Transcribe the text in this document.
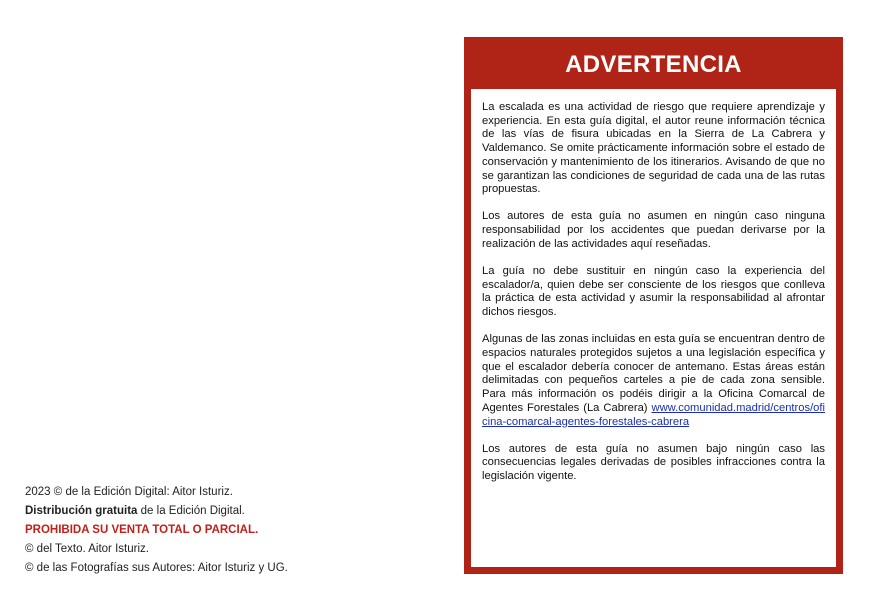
2023 © de la Edición Digital: Aitor Isturiz.
Distribución gratuita de la Edición Digital.
PROHIBIDA SU VENTA TOTAL O PARCIAL.
© del Texto. Aitor Isturiz.
© de las Fotografías sus Autores: Aitor Isturiz y UG.
ADVERTENCIA

La escalada es una actividad de riesgo que requiere aprendizaje y experiencia. En esta guía digital, el autor reune información técnica de las vías de fisura ubicadas en la Sierra de La Cabrera y Valdemanco. Se omite prácticamente información sobre el estado de conservación y mantenimiento de los itinerarios. Avisando de que no se garantizan las condiciones de seguridad de cada una de las rutas propuestas.

Los autores de esta guía no asumen en ningún caso ninguna responsabilidad por los accidentes que puedan derivarse por la realización de las actividades aquí reseñadas.

La guía no debe sustituir en ningún caso la experiencia del escalador/a, quien debe ser consciente de los riesgos que conlleva la práctica de esta actividad y asumir la responsabilidad al afrontar dichos riesgos.

Algunas de las zonas incluidas en esta guía se encuentran dentro de espacios naturales protegidos sujetos a una legislación específica y que el escalador debería conocer de antemano. Estas áreas están delimitadas con pequeños carteles a pie de cada zona sensible. Para más información os podéis dirigir a la Oficina Comarcal de Agentes Forestales (La Cabrera) www.comunidad.madrid/centros/oficina-comarcal-agentes-forestales-cabrera

Los autores de esta guía no asumen bajo ningún caso las consecuencias legales derivadas de posibles infracciones contra la legislación vigente.
